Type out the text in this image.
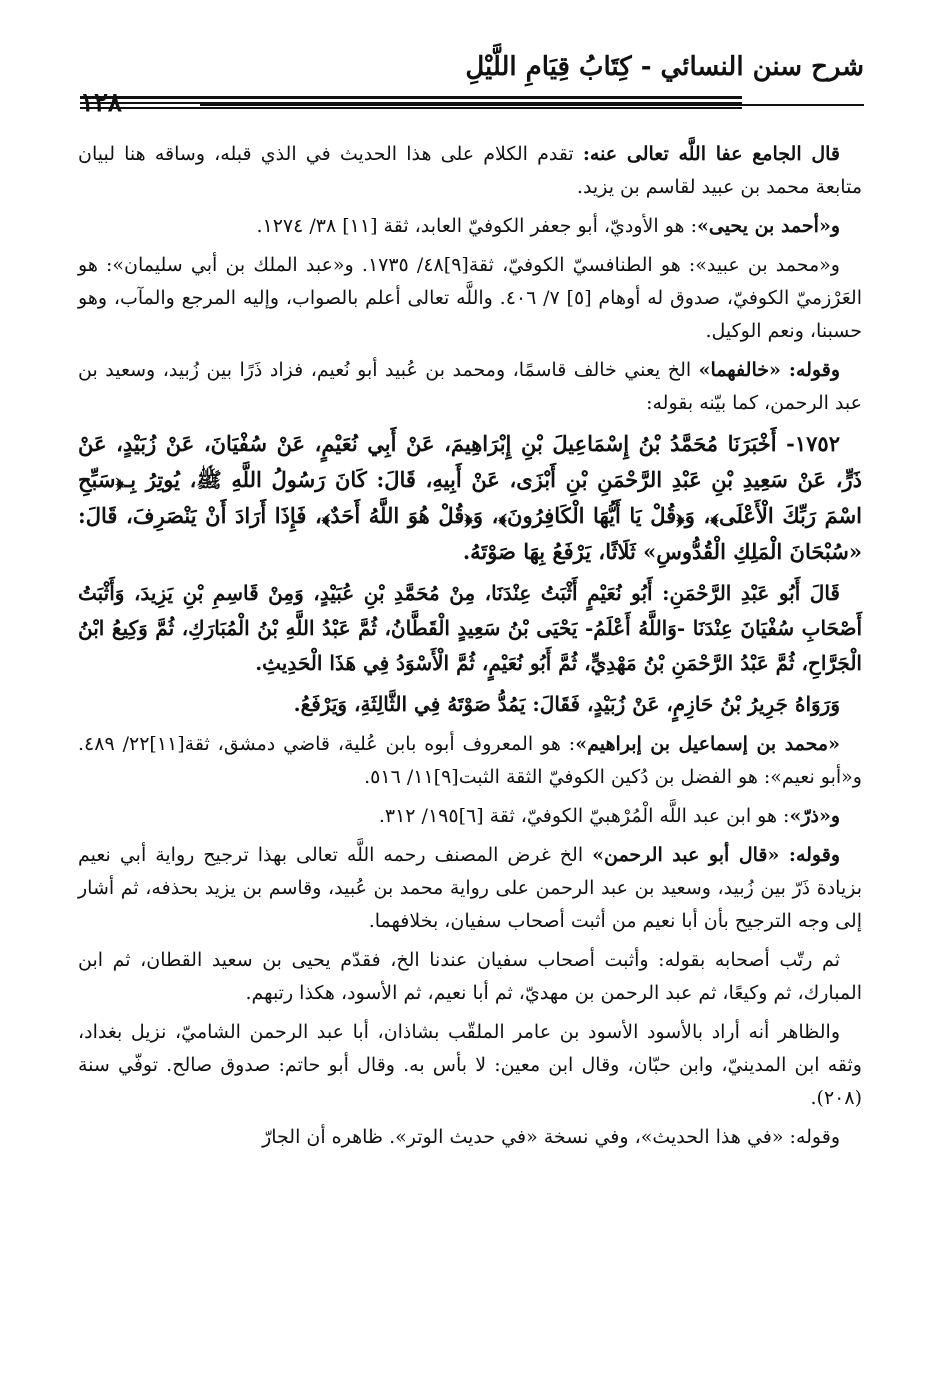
شرح سنن النسائي - كِتَابُ قِيَامِ اللَّيْلِ

قال الجامع عفا اللَّه تعالى عنه: تقدم الكلام على هذا الحديث في الذي قبله، وساقه هنا لبيان متابعة محمد بن عبيد لقاسم بن يزيد.

و«أحمد بن يحيى»: هو الأوديّ، أبو جعفر الكوفيّ العابد، ثقة [١١] ٣٨/ ١٢٧٤.

و«محمد بن عبيد»: هو الطنافسيّ الكوفيّ، ثقة[٩]٤٨/ ١٧٣٥. و«عبد الملك بن أبي سليمان»: هو العَرْزميّ الكوفيّ، صدوق له أوهام [٥] ٧/ ٤٠٦. واللَّه تعالى أعلم بالصواب، وإليه المرجع والمآب، وهو حسبنا، ونعم الوكيل.

وقوله: «خالفهما» الخ يعني خالف قاسمًا، ومحمد بن عُبيد أبو نُعيم، فزاد ذَرًا بين زُبيد، وسعيد بن عبد الرحمن، كما بيّنه بقوله:

١٧٥٢- أَخْبَرَنَا مُحَمَّدُ بْنُ إِسْمَاعِيلَ بْنِ إِبْرَاهِيمَ، عَنْ أَبِي نُعَيْمٍ، عَنْ سُفْيَانَ، عَنْ زُبَيْدٍ، عَنْ ذَرٍّ، عَنْ سَعِيدِ بْنِ عَبْدِ الرَّحْمَنِ بْنِ أَبْزَى، عَنْ أَبِيهِ، قَالَ: كَانَ رَسُولُ اللَّهِ ﷺ، يُوتِرُ بِـ﴿سَبِّحِ اسْمَ رَبِّكَ الْأَعْلَى﴾، وَ﴿قُلْ يَا أَيُّهَا الْكَافِرُونَ﴾، وَ﴿قُلْ هُوَ اللَّهُ أَحَدٌ﴾، فَإِذَا أَرَادَ أَنْ يَنْصَرِفَ، قَالَ: «سُبْحَانَ الْمَلِكِ الْقُدُّوسِ» ثَلَاثًا، يَرْفَعُ بِهَا صَوْتَهُ.

قَالَ أَبُو عَبْدِ الرَّحْمَنِ: أَبُو نُعَيْمٍ أَثْبَتُ عِنْدَنَا، مِنْ مُحَمَّدِ بْنِ عُبَيْدٍ، وَمِنْ قَاسِمِ بْنِ يَزِيدَ، وَأَثْبَتُ أَصْحَابِ سُفْيَانَ عِنْدَنَا -وَاللَّهُ أَعْلَمُ- يَحْيَى بْنُ سَعِيدٍ الْقَطَّانُ، ثُمَّ عَبْدُ اللَّهِ بْنُ الْمُبَارَكِ، ثُمَّ وَكِيعُ ابْنُ الْجَرَّاحِ، ثُمَّ عَبْدُ الرَّحْمَنِ بْنُ مَهْدِيٍّ، ثُمَّ أَبُو نُعَيْمٍ، ثُمَّ الْأَسْوَدُ فِي هَذَا الْحَدِيثِ.

وَرَوَاهُ جَرِيرُ بْنُ حَازِمٍ، عَنْ زُبَيْدٍ، فَقَالَ: يَمُدُّ صَوْتَهُ فِي الثَّالِثَةِ، وَيَرْفَعُ.

«محمد بن إسماعيل بن إبراهيم»: هو المعروف أبوه بابن عُلية، قاضي دمشق، ثقة[١١]٢٢/ ٤٨٩. و«أبو نعيم»: هو الفضل بن دُكين الكوفيّ الثقة الثبت[٩]١١/ ٥١٦.

و«ذرّ»: هو ابن عبد اللَّه الْمُرْهبيّ الكوفيّ، ثقة [٦]١٩٥/ ٣١٢.

وقوله: «قال أبو عبد الرحمن» الخ غرض المصنف رحمه اللَّه تعالى بهذا ترجيح رواية أبي نعيم بزيادة ذَرّ بين زُبيد، وسعيد بن عبد الرحمن على رواية محمد بن عُبيد، وقاسم بن يزيد بحذفه، ثم أشار إلى وجه الترجيح بأن أبا نعيم من أثبت أصحاب سفيان، بخلافهما.

ثم رتّب أصحابه بقوله: وأثبت أصحاب سفيان عندنا الخ، فقدّم يحيى بن سعيد القطان، ثم ابن المبارك، ثم وكيعًا، ثم عبد الرحمن بن مهديّ، ثم أبا نعيم، ثم الأسود، هكذا رتبهم.

والظاهر أنه أراد بالأسود الأسود بن عامر الملقّب بشاذان، أبا عبد الرحمن الشاميّ، نزيل بغداد، وثقه ابن المدينيّ، وابن حبّان، وقال ابن معين: لا بأس به. وقال أبو حاتم: صدوق صالح. توفّي سنة (٢٠٨).

وقوله: «في هذا الحديث»، وفي نسخة «في حديث الوتر». ظاهره أن الجارّ
